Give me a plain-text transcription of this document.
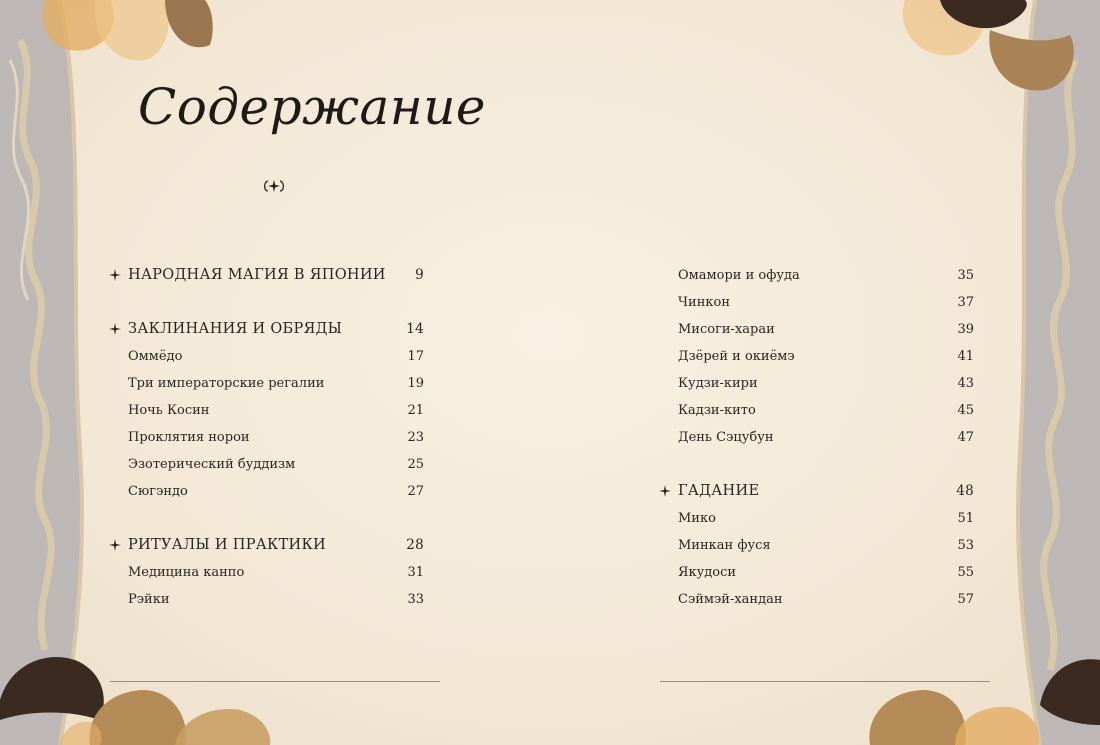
Содержание
НАРОДНАЯ МАГИЯ В ЯПОНИИ 9
ЗАКЛИНАНИЯ И ОБРЯДЫ	14
Оммёдо	17
Три императорские регалии	19
Ночь Косин	21
Проклятия норои	23
Эзотерический буддизм	25
Сюгэндо	27
РИТУАЛЫ И ПРАКТИКИ	28
Медицина канпо	31
Рэйки	33
Омамори и офуда	35
Чинкон	37
Мисоги-хараи	39
Дзёрей и окиёмэ	41
Кудзи-кири	43
Кадзи-кито	45
День Сэцубун	47
ГАДАНИЕ	48
Мико	51
Минкан фуся	53
Якудоси	55
Сэймэй-хандан	57
